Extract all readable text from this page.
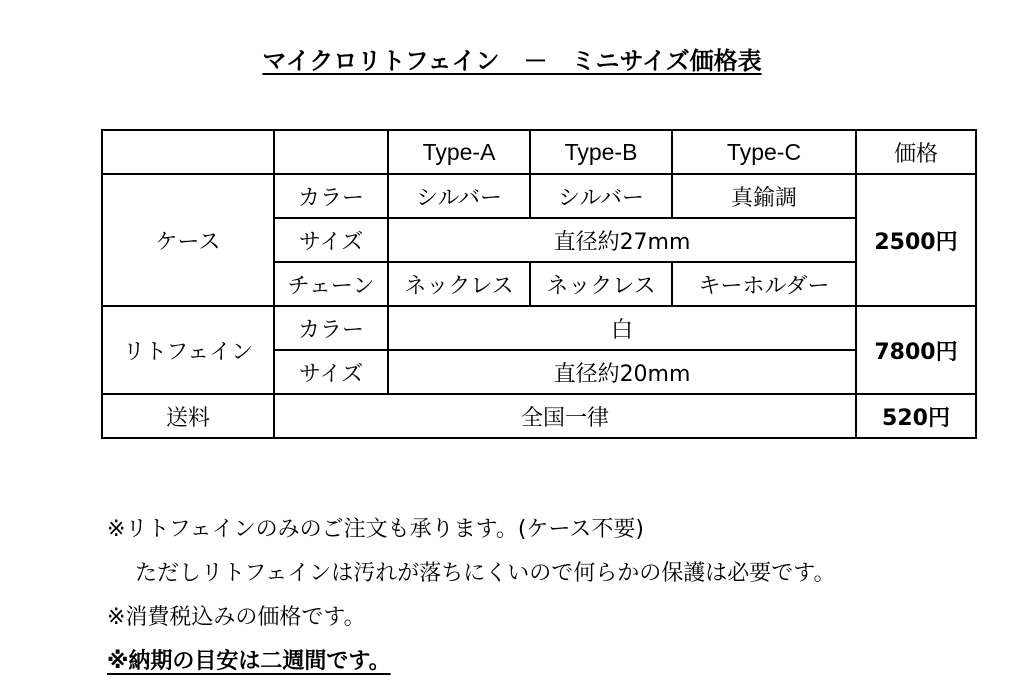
マイクロリトフェイン　－　ミニサイズ価格表
		Type-A	Type-B	Type-C	価格
ケース	カラー	シルバー	シルバー	真鍮調	2500円
	サイズ	直径約27mm			
	チェーン	ネックレス	ネックレス	キーホルダー	
リトフェイン	カラー	白			7800円
	サイズ	直径約20mm			
送料	全国一律				520円
※リトフェインのみのご注文も承ります。(ケース不要)
ただしリトフェインは汚れが落ちにくいので何らかの保護は必要です。
※消費税込みの価格です。
※納期の目安は二週間です。
